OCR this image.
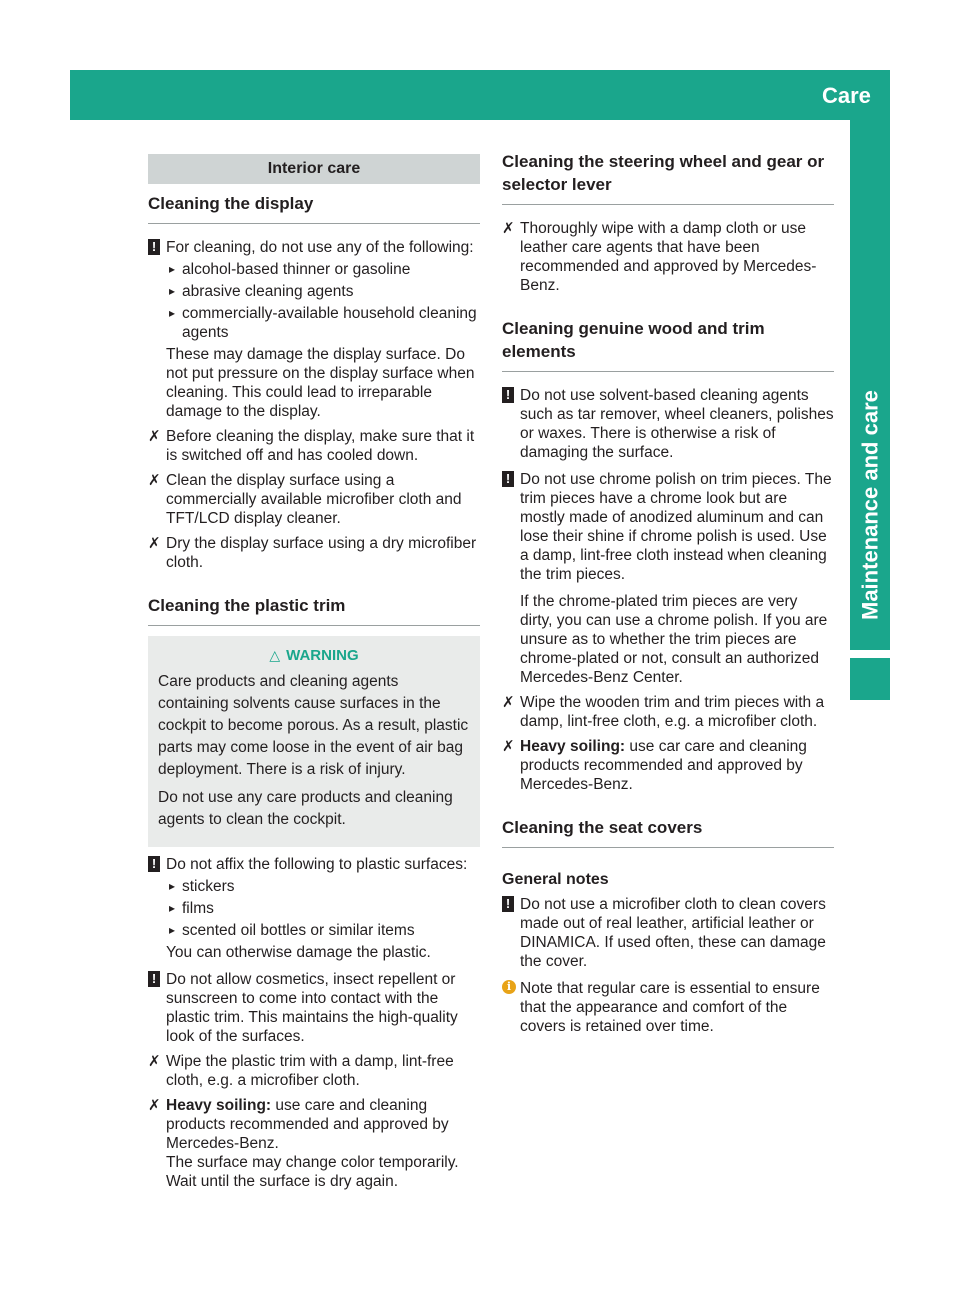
Care 313
Maintenance and care
Interior care
Cleaning the display
! For cleaning, do not use any of the following:

▸ alcohol-based thinner or gasoline
▸ abrasive cleaning agents
▸ commercially-available household cleaning agents

These may damage the display surface. Do not put pressure on the display surface when cleaning. This could lead to irreparable damage to the display.

✗ Before cleaning the display, make sure that it is switched off and has cooled down.
✗ Clean the display surface using a commercially available microfiber cloth and TFT/LCD display cleaner.
✗ Dry the display surface using a dry microfiber cloth.
Cleaning the plastic trim
△ WARNING

Care products and cleaning agents containing solvents cause surfaces in the cockpit to become porous. As a result, plastic parts may come loose in the event of air bag deployment. There is a risk of injury.

Do not use any care products and cleaning agents to clean the cockpit.

! Do not affix the following to plastic surfaces:

▸ stickers
▸ films
▸ scented oil bottles or similar items

You can otherwise damage the plastic.

! Do not allow cosmetics, insect repellent or sunscreen to come into contact with the plastic trim. This maintains the high-quality look of the surfaces.

✗ Wipe the plastic trim with a damp, lint-free cloth, e.g. a microfiber cloth.
✗ Heavy soiling: use care and cleaning products recommended and approved by Mercedes-Benz.
The surface may change color temporarily. Wait until the surface is dry again.
Cleaning the steering wheel and gear or selector lever
✗ Thoroughly wipe with a damp cloth or use leather care agents that have been recommended and approved by Mercedes-Benz.
Cleaning genuine wood and trim elements
! Do not use solvent-based cleaning agents such as tar remover, wheel cleaners, polishes or waxes. There is otherwise a risk of damaging the surface.

! Do not use chrome polish on trim pieces. The trim pieces have a chrome look but are mostly made of anodized aluminum and can lose their shine if chrome polish is used. Use a damp, lint-free cloth instead when cleaning the trim pieces.

If the chrome-plated trim pieces are very dirty, you can use a chrome polish. If you are unsure as to whether the trim pieces are chrome-plated or not, consult an authorized Mercedes-Benz Center.

✗ Wipe the wooden trim and trim pieces with a damp, lint-free cloth, e.g. a microfiber cloth.
✗ Heavy soiling: use car care and cleaning products recommended and approved by Mercedes-Benz.
Cleaning the seat covers
General notes
! Do not use a microfiber cloth to clean covers made out of real leather, artificial leather or DINAMICA. If used often, these can damage the cover.

i Note that regular care is essential to ensure that the appearance and comfort of the covers is retained over time.
